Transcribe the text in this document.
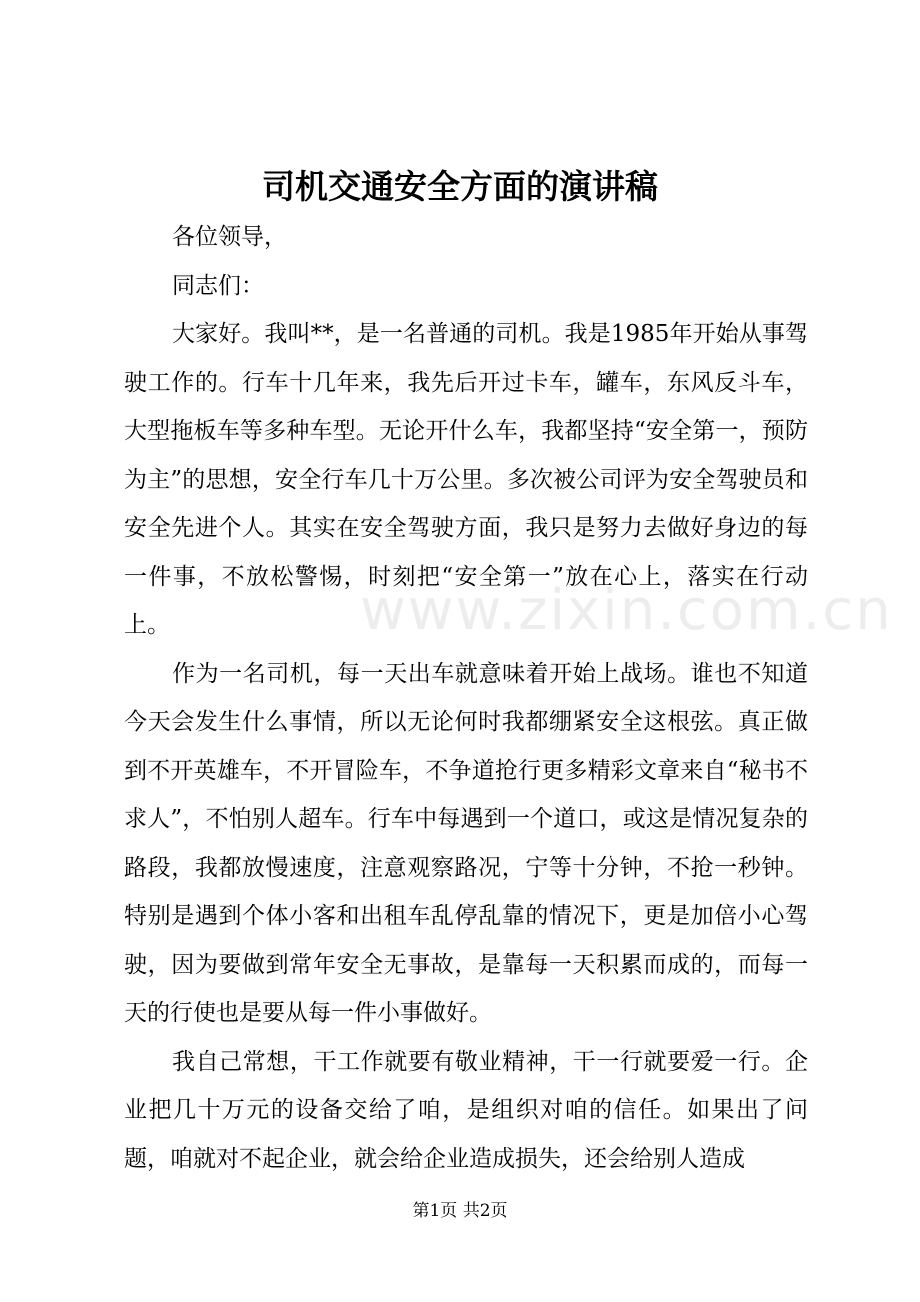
司机交通安全方面的演讲稿

各位领导，

同志们：

大家好。我叫**，是一名普通的司机。我是1985年开始从事驾驶工作的。行车十几年来，我先后开过卡车，罐车，东风反斗车，大型拖板车等多种车型。无论开什么车，我都坚持“安全第一，预防为主”的思想，安全行车几十万公里。多次被公司评为安全驾驶员和安全先进个人。其实在安全驾驶方面，我只是努力去做好身边的每一件事，不放松警惕，时刻把“安全第一”放在心上，落实在行动上。

作为一名司机，每一天出车就意味着开始上战场。谁也不知道今天会发生什么事情，所以无论何时我都绷紧安全这根弦。真正做到不开英雄车，不开冒险车，不争道抢行更多精彩文章来自“秘书不求人”，不怕别人超车。行车中每遇到一个道口，或这是情况复杂的路段，我都放慢速度，注意观察路况，宁等十分钟，不抢一秒钟。特别是遇到个体小客和出租车乱停乱靠的情况下，更是加倍小心驾驶，因为要做到常年安全无事故，是靠每一天积累而成的，而每一天的行使也是要从每一件小事做好。

我自己常想，干工作就要有敬业精神，干一行就要爱一行。企业把几十万元的设备交给了咱，是组织对咱的信任。如果出了问题，咱就对不起企业，就会给企业造成损失，还会给别人造成

www.zixin.com.cn
第1页 共2页
